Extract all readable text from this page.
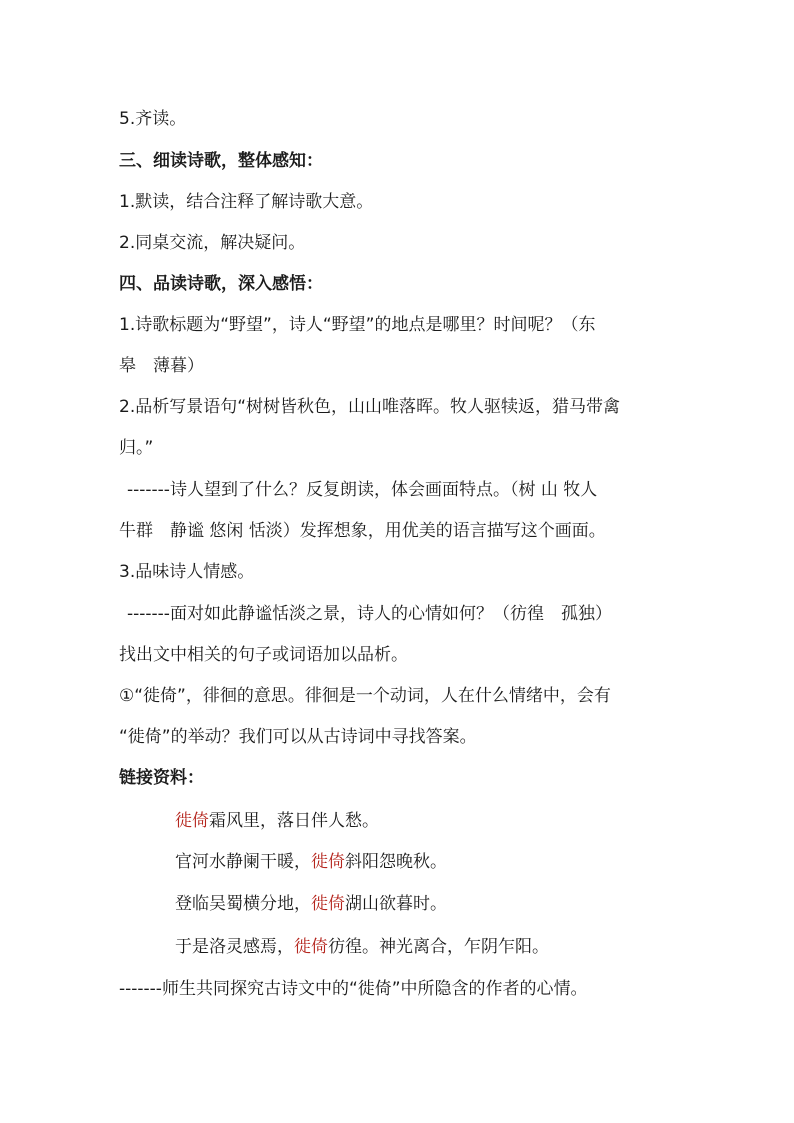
5.齐读。
三、细读诗歌，整体感知：
1.默读，结合注释了解诗歌大意。
2.同桌交流，解决疑问。
四、品读诗歌，深入感悟：
1.诗歌标题为“野望”，诗人“野望”的地点是哪里？时间呢？（东
皋　薄暮）
2.品析写景语句“树树皆秋色，山山唯落晖。牧人驱犊返，猎马带禽
归。”
-------诗人望到了什么？反复朗读，体会画面特点。（树 山 牧人
牛群　静谧 悠闲 恬淡）发挥想象，用优美的语言描写这个画面。
3.品味诗人情感。
-------面对如此静谧恬淡之景，诗人的心情如何？（彷徨　孤独）
找出文中相关的句子或词语加以品析。
①“徙倚”，徘徊的意思。徘徊是一个动词，人在什么情绪中，会有
“徙倚”的举动？我们可以从古诗词中寻找答案。
链接资料：
徙倚霜风里，落日伴人愁。
官河水静阑干暖，徙倚斜阳怨晚秋。
登临吴蜀横分地，徙倚湖山欲暮时。
于是洛灵感焉，徙倚彷徨。神光离合，乍阴乍阳。
-------师生共同探究古诗文中的“徙倚”中所隐含的作者的心情。
